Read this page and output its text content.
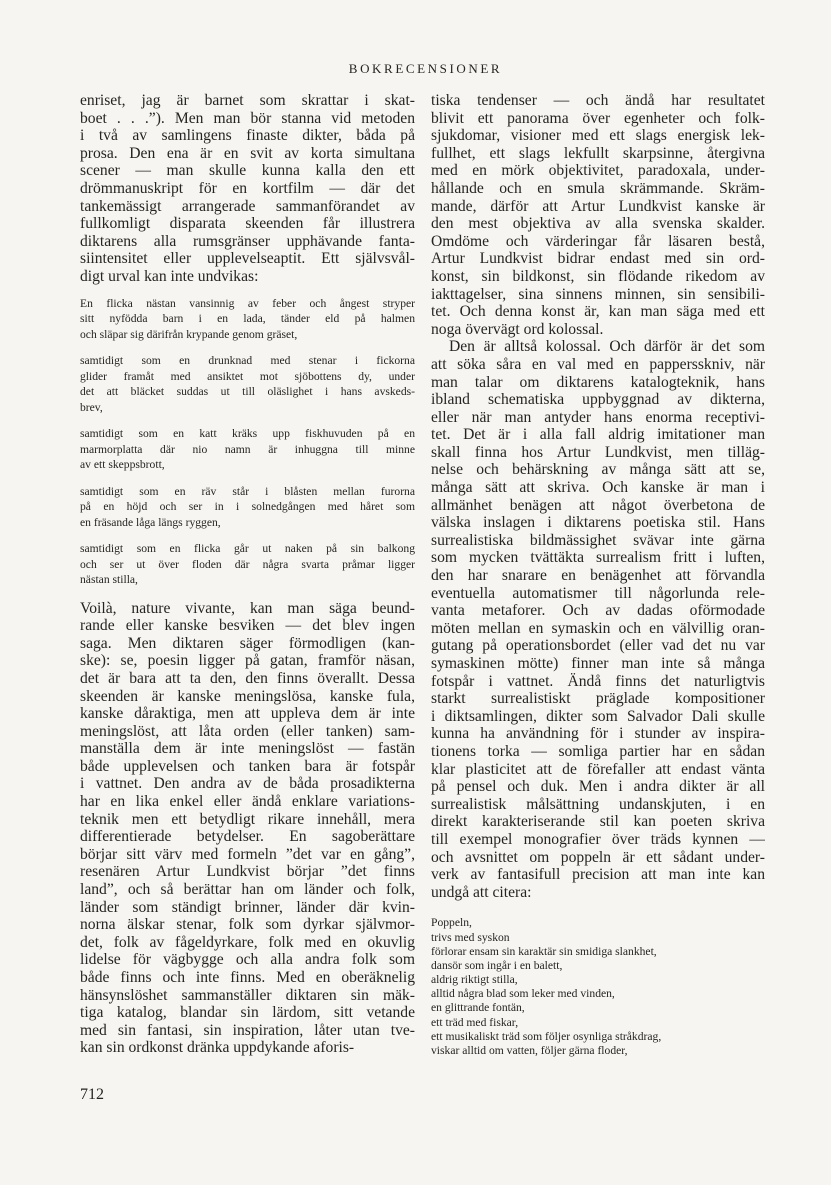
BOKRECENSIONER
enriset, jag är barnet som skrattar i skat-
boet . . .”). Men man bör stanna vid metoden
i två av samlingens finaste dikter, båda på
prosa. Den ena är en svit av korta simultana
scener — man skulle kunna kalla den ett
drömmanuskript för en kortfilm — där det
tankemässigt arrangerade sammanförandet av
fullkomligt disparata skeenden får illustrera
diktarens alla rumsgränser upphävande fanta-
siintensitet eller upplevelseaptit. Ett självsvål-
digt urval kan inte undvikas:
En flicka nästan vansinnig av feber och ångest stryper
sitt nyfödda barn i en lada, tänder eld på halmen
och släpar sig därifrån krypande genom gräset,
samtidigt som en drunknad med stenar i fickorna
glider framåt med ansiktet mot sjöbottens dy, under
det att bläcket suddas ut till oläslighet i hans avskeds-
brev,
samtidigt som en katt kräks upp fiskhuvuden på en
marmorplatta där nio namn är inhuggna till minne
av ett skeppsbrott,
samtidigt som en räv står i blåsten mellan furorna
på en höjd och ser in i solnedgången med håret som
en fräsande låga längs ryggen,
samtidigt som en flicka går ut naken på sin balkong
och ser ut över floden där några svarta pråmar ligger
nästan stilla,
Voilà, nature vivante, kan man säga beund-
rande eller kanske besviken — det blev ingen
saga. Men diktaren säger förmodligen (kan-
ske): se, poesin ligger på gatan, framför näsan,
det är bara att ta den, den finns överallt. Dessa
skeenden är kanske meningslösa, kanske fula,
kanske dåraktiga, men att uppleva dem är inte
meningslöst, att låta orden (eller tanken) sam-
manställa dem är inte meningslöst — fastän
både upplevelsen och tanken bara är fotspår
i vattnet. Den andra av de båda prosadikterna
har en lika enkel eller ändå enklare variations-
teknik men ett betydligt rikare innehåll, mera
differentierade betydelser. En sagoberättare
börjar sitt värv med formeln ”det var en gång”,
resenären Artur Lundkvist börjar ”det finns
land”, och så berättar han om länder och folk,
länder som ständigt brinner, länder där kvin-
norna älskar stenar, folk som dyrkar självmor-
det, folk av fågeldyrkare, folk med en okuvlig
lidelse för vägbygge och alla andra folk som
både finns och inte finns. Med en oberäknelig
hänsynslöshet sammanställer diktaren sin mäk-
tiga katalog, blandar sin lärdom, sitt vetande
med sin fantasi, sin inspiration, låter utan tve-
kan sin ordkonst dränka uppdykande aforis-
tiska tendenser — och ändå har resultatet
blivit ett panorama över egenheter och folk-
sjukdomar, visioner med ett slags energisk lek-
fullhet, ett slags lekfullt skarpsinne, återgivna
med en mörk objektivitet, paradoxala, under-
hållande och en smula skrämmande. Skräm-
mande, därför att Artur Lundkvist kanske är
den mest objektiva av alla svenska skalder.
Omdöme och värderingar får läsaren bestå,
Artur Lundkvist bidrar endast med sin ord-
konst, sin bildkonst, sin flödande rikedom av
iakttagelser, sina sinnens minnen, sin sensibili-
tet. Och denna konst är, kan man säga med ett
noga övervägt ord kolossal.
Den är alltså kolossal. Och därför är det som
att söka såra en val med en pappersskniv, när
man talar om diktarens katalogteknik, hans
ibland schematiska uppbyggnad av dikterna,
eller när man antyder hans enorma receptivi-
tet. Det är i alla fall aldrig imitationer man
skall finna hos Artur Lundkvist, men tilläg-
nelse och behärskning av många sätt att se,
många sätt att skriva. Och kanske är man i
allmänhet benägen att något överbetona de
välska inslagen i diktarens poetiska stil. Hans
surrealistiska bildmässighet svävar inte gärna
som mycken tvättäkta surrealism fritt i luften,
den har snarare en benägenhet att förvandla
eventuella automatismer till någorlunda rele-
vanta metaforer. Och av dadas oförmodade
möten mellan en symaskin och en välvillig oran-
gutang på operationsbordet (eller vad det nu var
symaskinen mötte) finner man inte så många
fotspår i vattnet. Ändå finns det naturligtvis
starkt surrealistiskt präglade kompositioner
i diktsamlingen, dikter som Salvador Dali skulle
kunna ha användning för i stunder av inspira-
tionens torka — somliga partier har en sådan
klar plasticitet att de förefaller att endast vänta
på pensel och duk. Men i andra dikter är all
surrealistisk målsättning undanskjuten, i en
direkt karakteriserande stil kan poeten skriva
till exempel monografier över träds kynnen —
och avsnittet om poppeln är ett sådant under-
verk av fantasifull precision att man inte kan
undgå att citera:
Poppeln,
trivs med syskon
förlorar ensam sin karaktär sin smidiga slankhet,
dansör som ingår i en balett,
aldrig riktigt stilla,
alltid några blad som leker med vinden,
en glittrande fontän,
ett träd med fiskar,
ett musikaliskt träd som följer osynliga stråkdrag,
viskar alltid om vatten, följer gärna floder,
712
